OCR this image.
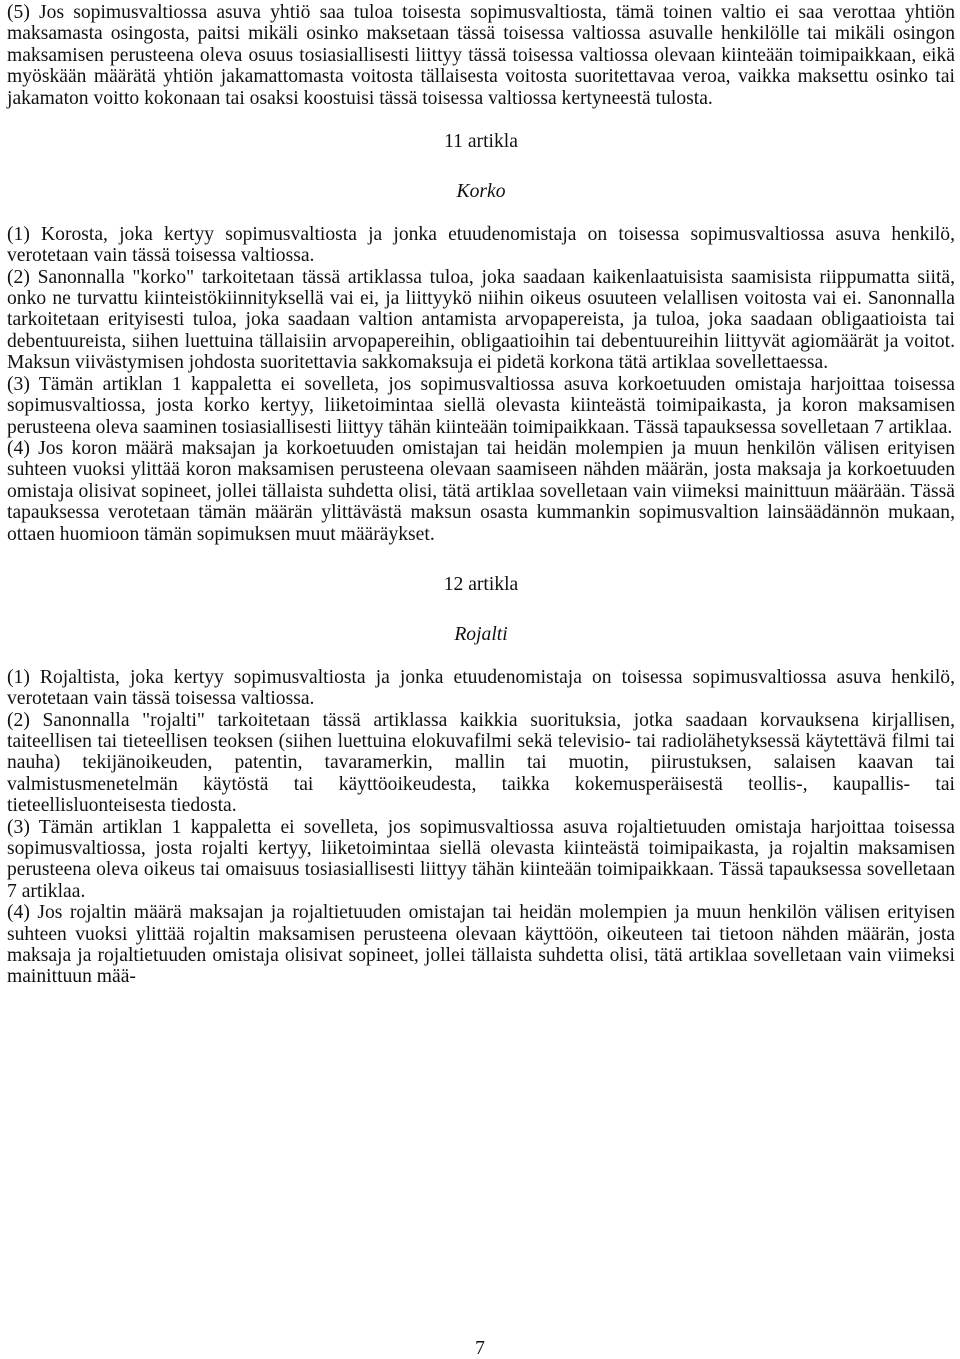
(5) Jos sopimusvaltiossa asuva yhtiö saa tuloa toisesta sopimusvaltiosta, tämä toinen valtio ei saa verottaa yhtiön maksamasta osingosta, paitsi mikäli osinko maksetaan tässä toisessa valtiossa asuvalle henkilölle tai mikäli osingon maksamisen perusteena oleva osuus tosiasiallisesti liittyy tässä toisessa valtiossa olevaan kiinteään toimipaikkaan, eikä myöskään määrätä yhtiön jakamattomasta voitosta tällaisesta voitosta suoritettavaa veroa, vaikka maksettu osinko tai jakamaton voitto kokonaan tai osaksi koostuisi tässä toisessa valtiossa kertyneestä tulosta.

11 artikla
Korko

(1) Korosta, joka kertyy sopimusvaltiosta ja jonka etuudenomistaja on toisessa sopimusvaltiossa asuva henkilö, verotetaan vain tässä toisessa valtiossa.

(2) Sanonnalla "korko" tarkoitetaan tässä artiklassa tuloa, joka saadaan kaikenlaatuisista saamisista riippumatta siitä, onko ne turvattu kiinteistökiinnityksellä vai ei, ja liittyykö niihin oikeus osuuteen velallisen voitosta vai ei. Sanonnalla tarkoitetaan erityisesti tuloa, joka saadaan valtion antamista arvopapereista, ja tuloa, joka saadaan obligaatioista tai debentuureista, siihen luettuina tällaisiin arvopapereihin, obligaatioihin tai debentuureihin liittyvät agiomäärät ja voitot. Maksun viivästymisen johdosta suoritettavia sakkomaksuja ei pidetä korkona tätä artiklaa sovellettaessa.

(3) Tämän artiklan 1 kappaletta ei sovelleta, jos sopimusvaltiossa asuva korkoetuuden omistaja harjoittaa toisessa sopimusvaltiossa, josta korko kertyy, liiketoimintaa siellä olevasta kiinteästä toimipaikasta, ja koron maksamisen perusteena oleva saaminen tosiasiallisesti liittyy tähän kiinteään toimipaikkaan. Tässä tapauksessa sovelletaan 7 artiklaa.

(4) Jos koron määrä maksajan ja korkoetuuden omistajan tai heidän molempien ja muun henkilön välisen erityisen suhteen vuoksi ylittää koron maksamisen perusteena olevaan saamiseen nähden määrän, josta maksaja ja korkoetuuden omistaja olisivat sopineet, jollei tällaista suhdetta olisi, tätä artiklaa sovelletaan vain viimeksi mainittuun määrään. Tässä tapauksessa verotetaan tämän määrän ylittävästä maksun osasta kummankin sopimusvaltion lainsäädännön mukaan, ottaen huomioon tämän sopimuksen muut määräykset.

12 artikla
Rojalti

(1) Rojaltista, joka kertyy sopimusvaltiosta ja jonka etuudenomistaja on toisessa sopimusvaltiossa asuva henkilö, verotetaan vain tässä toisessa valtiossa.

(2) Sanonnalla "rojalti" tarkoitetaan tässä artiklassa kaikkia suorituksia, jotka saadaan korvauksena kirjallisen, taiteellisen tai tieteellisen teoksen (siihen luettuina elokuvafilmi sekä televisio- tai radiolähetyksessä käytettävä filmi tai nauha) tekijänoikeuden, patentin, tavaramerkin, mallin tai muotin, piirustuksen, salaisen kaavan tai valmistusmenetelmän käytöstä tai käyttöoikeudesta, taikka kokemusperäisestä teollis-, kaupallis- tai tieteellisluonteisesta tiedosta.

(3) Tämän artiklan 1 kappaletta ei sovelleta, jos sopimusvaltiossa asuva rojaltietuuden omistaja harjoittaa toisessa sopimusvaltiossa, josta rojalti kertyy, liiketoimintaa siellä olevasta kiinteästä toimipaikasta, ja rojaltin maksamisen perusteena oleva oikeus tai omaisuus tosiasiallisesti liittyy tähän kiinteään toimipaikkaan. Tässä tapauksessa sovelletaan 7 artiklaa.

(4) Jos rojaltin määrä maksajan ja rojaltietuuden omistajan tai heidän molempien ja muun henkilön välisen erityisen suhteen vuoksi ylittää rojaltin maksamisen perusteena olevaan käyttöön, oikeuteen tai tietoon nähden määrän, josta maksaja ja rojaltietuuden omistaja olisivat sopineet, jollei tällaista suhdetta olisi, tätä artiklaa sovelletaan vain viimeksi mainittuun mää-

7
